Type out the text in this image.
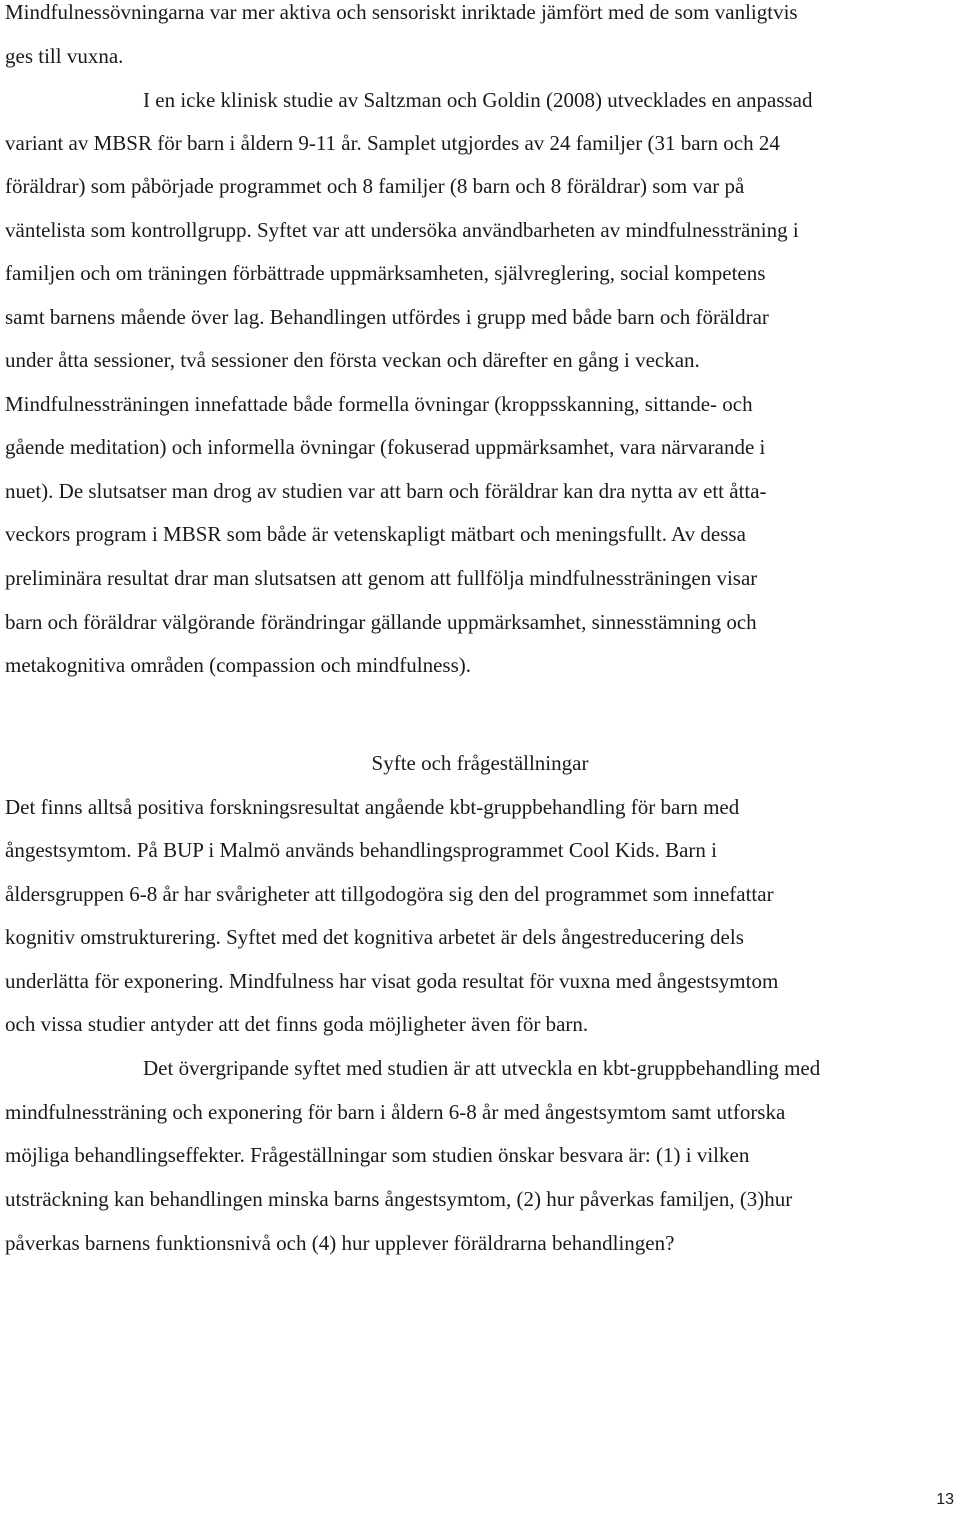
Mindfulnessövningarna var mer aktiva och sensoriskt inriktade jämfört med de som vanligtvis
ges till vuxna.
I en icke klinisk studie av Saltzman och Goldin (2008) utvecklades en anpassad
variant av MBSR för barn i åldern 9-11 år. Samplet utgjordes av 24 familjer (31 barn och 24
föräldrar) som påbörjade programmet och 8 familjer (8 barn och 8 föräldrar) som var på
väntelista som kontrollgrupp. Syftet var att undersöka användbarheten av mindfulnessträning i
familjen och om träningen förbättrade uppmärksamheten, självreglering, social kompetens
samt barnens mående över lag. Behandlingen utfördes i grupp med både barn och föräldrar
under åtta sessioner, två sessioner den första veckan och därefter en gång i veckan.
Mindfulnessträningen innefattade både formella övningar (kroppsskanning, sittande- och
gående meditation) och informella övningar (fokuserad uppmärksamhet, vara närvarande i
nuet). De slutsatser man drog av studien var att barn och föräldrar kan dra nytta av ett åtta-
veckors program i MBSR som både är vetenskapligt mätbart och meningsfullt. Av dessa
preliminära resultat drar man slutsatsen att genom att fullfölja mindfulnessträningen visar
barn och föräldrar välgörande förändringar gällande uppmärksamhet, sinnesstämning och
metakognitiva områden (compassion och mindfulness).
Syfte och frågeställningar
Det finns alltså positiva forskningsresultat angående kbt-gruppbehandling för barn med
ångestsymtom. På BUP i Malmö används behandlingsprogrammet Cool Kids. Barn i
åldersgruppen 6-8 år har svårigheter att tillgodogöra sig den del programmet som innefattar
kognitiv omstrukturering. Syftet med det kognitiva arbetet är dels ångestreducering dels
underlätta för exponering. Mindfulness har visat goda resultat för vuxna med ångestsymtom
och vissa studier antyder att det finns goda möjligheter även för barn.
Det övergripande syftet med studien är att utveckla en kbt-gruppbehandling med
mindfulnessträning och exponering för barn i åldern 6-8 år med ångestsymtom samt utforska
möjliga behandlingseffekter. Frågeställningar som studien önskar besvara är: (1) i vilken
utsträckning kan behandlingen minska barns ångestsymtom, (2) hur påverkas familjen, (3)hur
påverkas barnens funktionsnivå och (4) hur upplever föräldrarna behandlingen?
13
